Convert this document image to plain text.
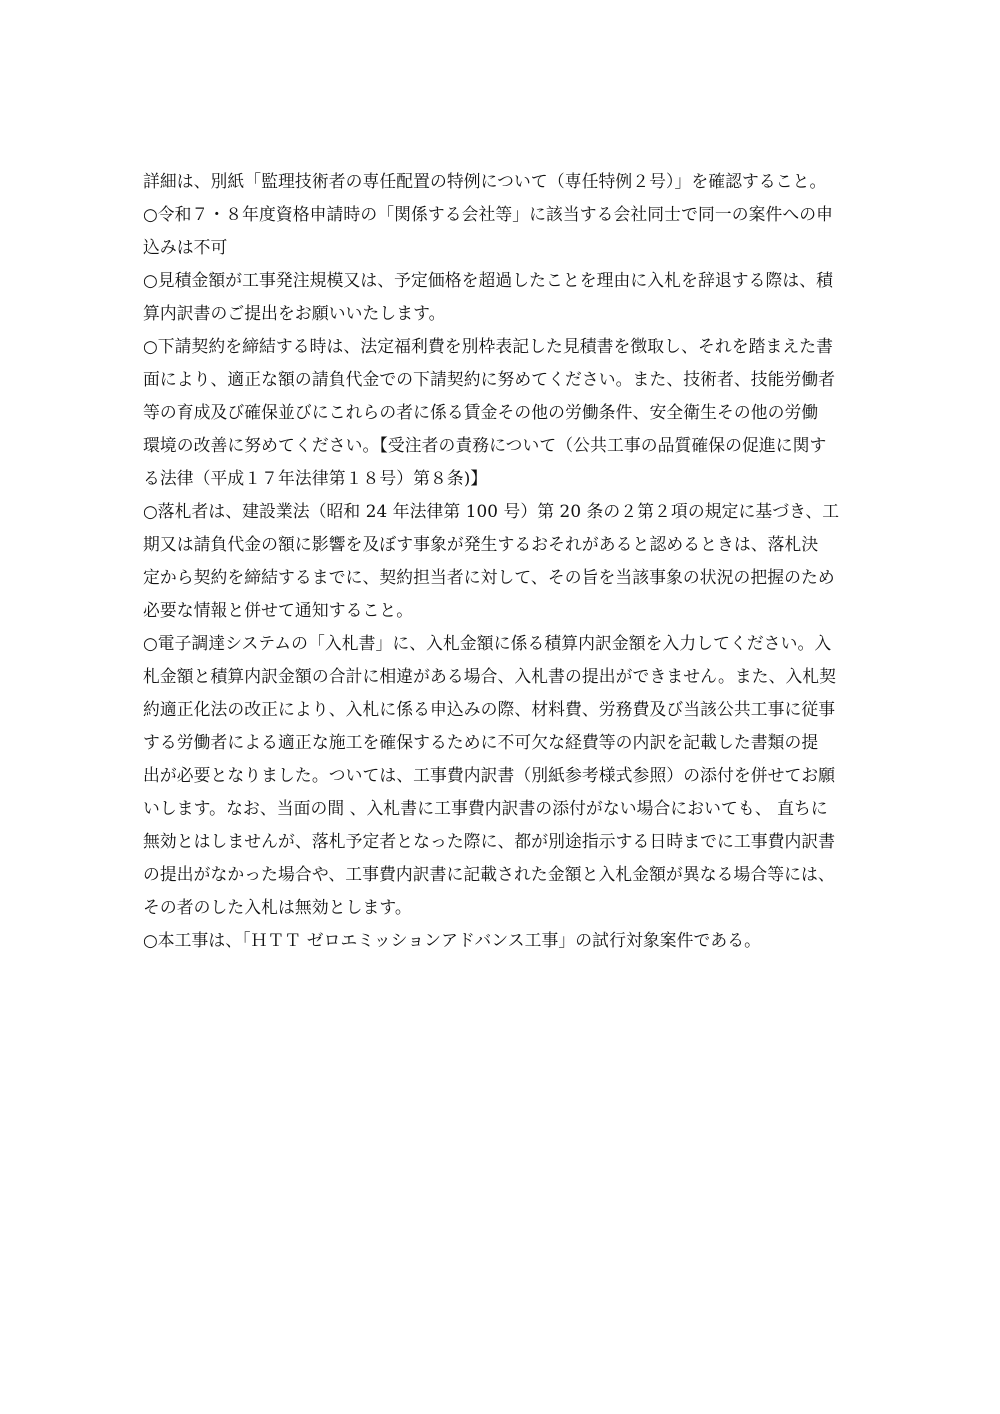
詳細は、別紙「監理技術者の専任配置の特例について（専任特例２号）」を確認すること。
○令和７・８年度資格申請時の「関係する会社等」に該当する会社同士で同一の案件への申
込みは不可
○見積金額が工事発注規模又は、予定価格を超過したことを理由に入札を辞退する際は、積
算内訳書のご提出をお願いいたします。
○下請契約を締結する時は、法定福利費を別枠表記した見積書を徴取し、それを踏まえた書
面により、適正な額の請負代金での下請契約に努めてください。また、技術者、技能労働者
等の育成及び確保並びにこれらの者に係る賃金その他の労働条件、安全衛生その他の労働
環境の改善に努めてください。【受注者の責務について（公共工事の品質確保の促進に関す
る法律（平成１７年法律第１８号）第８条)】
○落札者は、建設業法（昭和 24 年法律第 100 号）第 20 条の２第２項の規定に基づき、工
期又は請負代金の額に影響を及ぼす事象が発生するおそれがあると認めるときは、落札決
定から契約を締結するまでに、契約担当者に対して、その旨を当該事象の状況の把握のため
必要な情報と併せて通知すること。
○電子調達システムの「入札書」に、入札金額に係る積算内訳金額を入力してください。入
札金額と積算内訳金額の合計に相違がある場合、入札書の提出ができません。また、入札契
約適正化法の改正により、入札に係る申込みの際、材料費、労務費及び当該公共工事に従事
する労働者による適正な施工を確保するために不可欠な経費等の内訳を記載した書類の提
出が必要となりました。ついては、工事費内訳書（別紙参考様式参照）の添付を併せてお願
いします。なお、当面の間 、入札書に工事費内訳書の添付がない場合においても、 直ちに
無効とはしませんが、落札予定者となった際に、都が別途指示する日時までに工事費内訳書
の提出がなかった場合や、工事費内訳書に記載された金額と入札金額が異なる場合等には、
その者のした入札は無効とします。
○本工事は、「ＨＴＴ ゼロエミッションアドバンス工事」の試行対象案件である。
